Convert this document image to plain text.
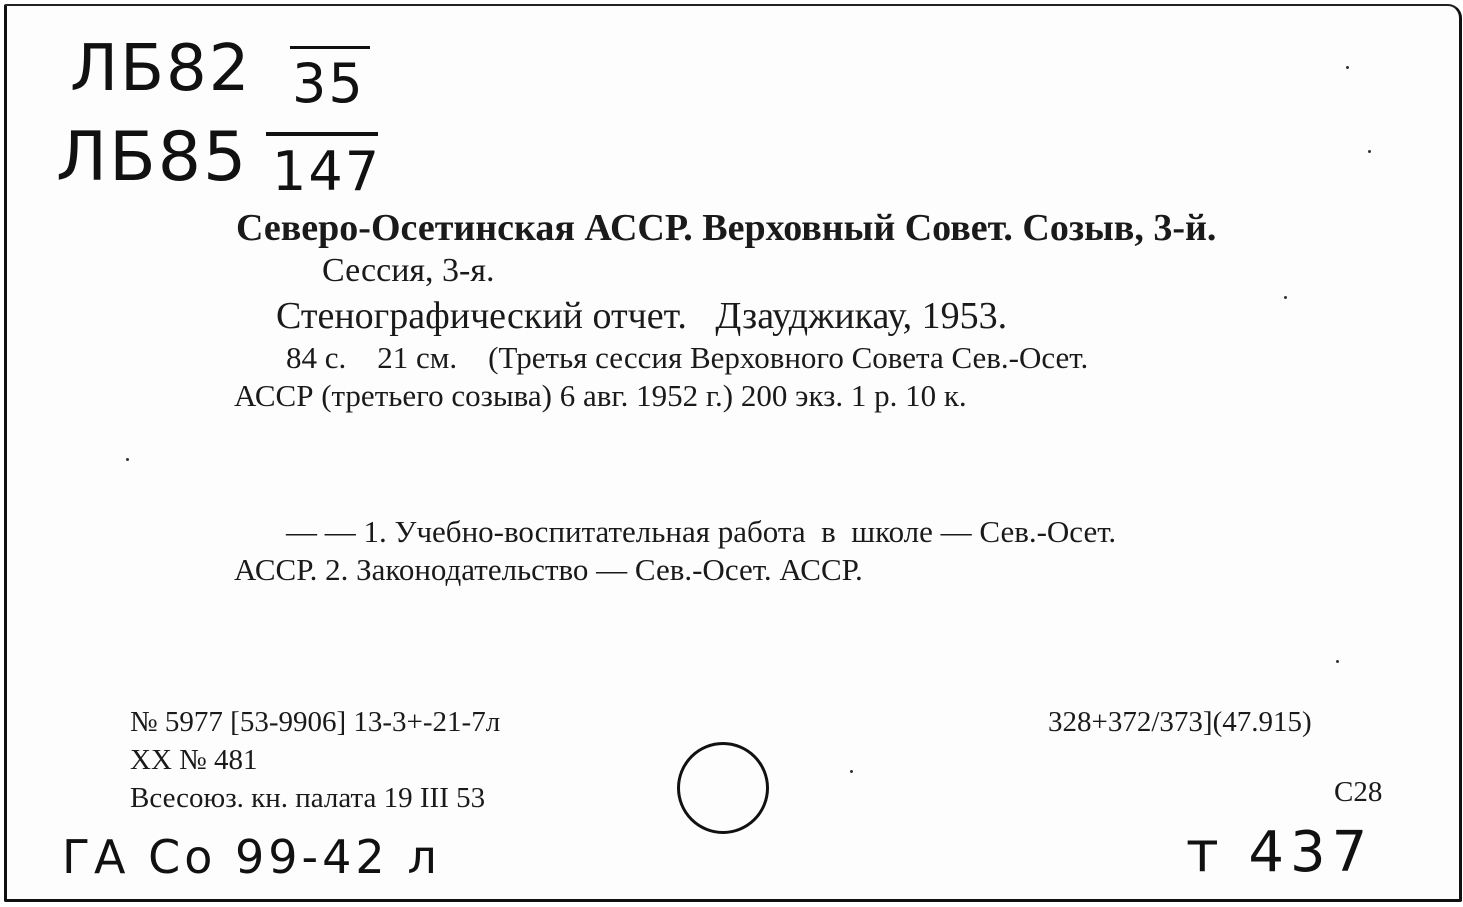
ЛБ82 35
ЛБ85 147
Северо-Осетинская АССР. Верховный Совет. Созыв, 3-й.
Сессия, 3-я.
Стенографический отчет.   Дзауджикау, 1953.
84 с.    21 см.    (Третья сессия Верховного Совета Сев.-Осет.
АССР (третьего созыва) 6 авг. 1952 г.) 200 экз. 1 р. 10 к.
— — 1. Учебно-воспитательная работа  в  школе — Сев.-Осет.
АССР. 2. Законодательство — Сев.-Осет. АССР.
№ 5977 [53-9906] 13-3+-21-7л
XX № 481
Всесоюз. кн. палата 19 III 53
328+372/373](47.915)
С28
ГА Со 99-42 л	т 437
